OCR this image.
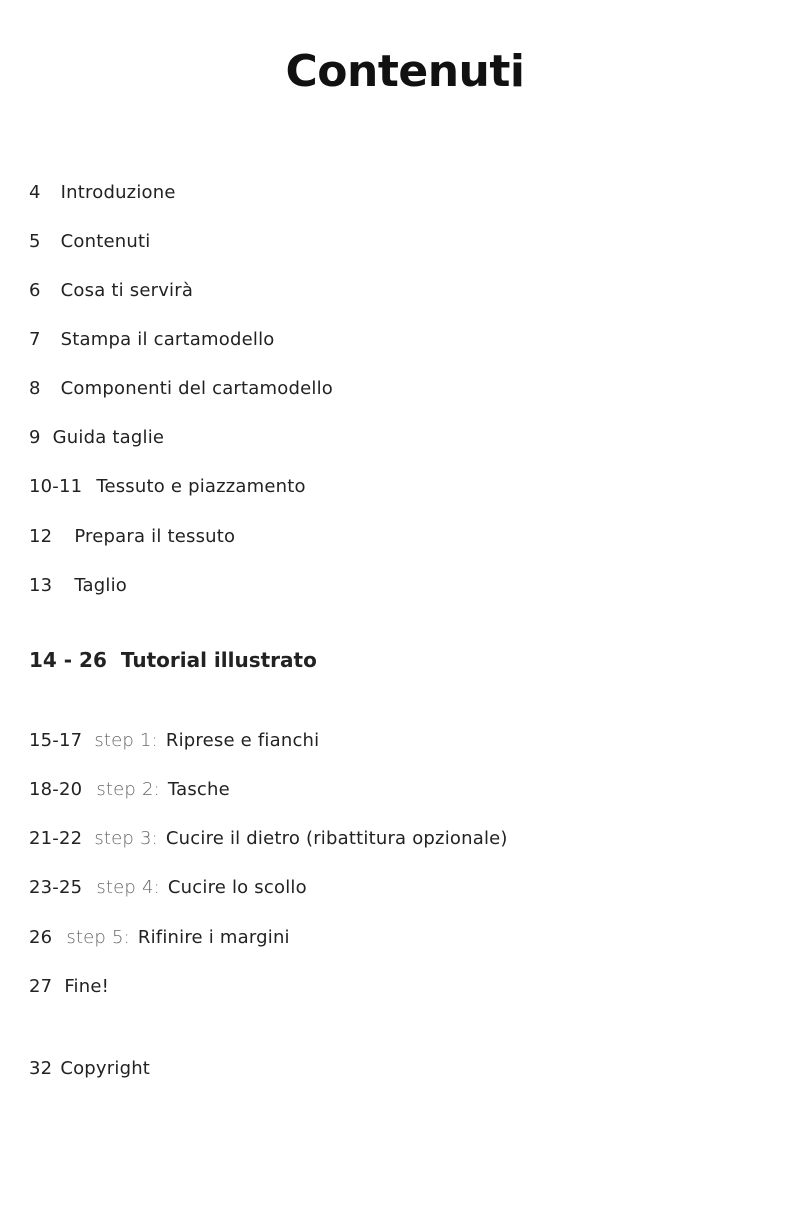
Contenuti
4 Introduzione
5 Contenuti
6 Cosa ti servirà
7 Stampa il cartamodello
8 Componenti del cartamodello
9 Guida taglie
10-11 Tessuto e piazzamento
12 Prepara il tessuto
13 Taglio
14 - 26 Tutorial illustrato
15-17 step 1: Riprese e fianchi
18-20 step 2: Tasche
21-22 step 3: Cucire il dietro (ribattitura opzionale)
23-25 step 4: Cucire lo scollo
26 step 5: Rifinire i margini
27 Fine!
32 Copyright
